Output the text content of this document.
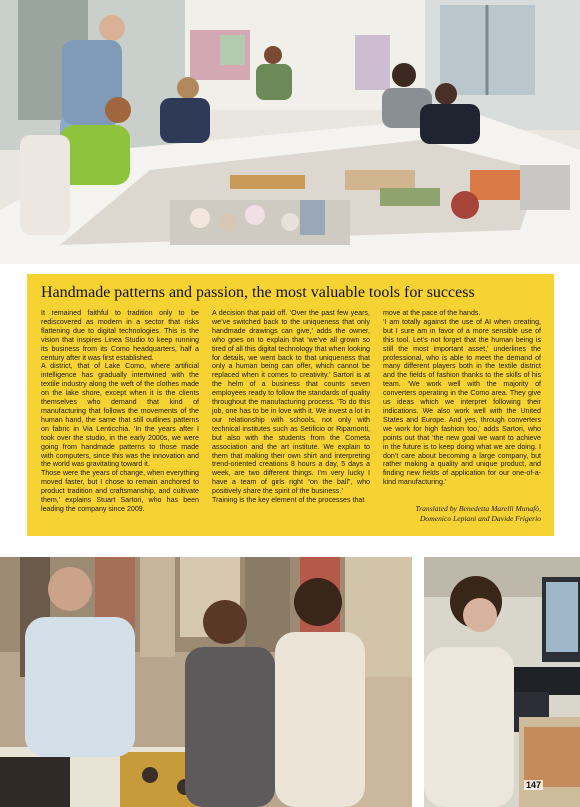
Handmade patterns and passion, the most valuable tools for success

It remained faithful to tradition only to be rediscovered as modern in a sector that risks flattening due to digital technologies. This is the vision that inspires Linea Studio to keep running its business from its Como headquarters, half a century after it was first established.

A district, that of Lake Como, where artificial intelligence has gradually intertwined with the textile industry along the weft of the clothes made on the lake shore, except when it is the clients themselves who demand that kind of manufacturing that follows the movements of the human hand, the same that still outlines patterns on fabric in Via Lenticchia. ‘In the years after I took over the studio, in the early 2000s, we were going from handmade patterns to those made with computers, since this was the innovation and the world was gravitating toward it.

Those were the years of change, when everything moved faster, but I chose to remain anchored to product tradition and craftsmanship, and cultivate them,’ explains Stuart Sartori, who has been leading the company since 2009.

A decision that paid off. ‘Over the past few years, we’ve switched back to the uniqueness that only handmade drawings can give,’ adds the owner, who goes on to explain that ‘we’ve all grown so tired of all this digital technology that when looking for details, we went back to that uniqueness that only a human being can offer, which cannot be replaced when it comes to creativity.’ Sartori is at the helm of a business that counts seven employees ready to follow the standards of quality throughout the manufacturing process. ‘To do this job, one has to be in love with it. We invest a lot in our relationship with schools, not only with technical institutes such as Setificio or Ripamonti, but also with the students from the Cometa association and the art institute. We explain to them that making their own shirt and interpreting trend-oriented creations 8 hours a day, 5 days a week, are two different things. I’m very lucky I have a team of girls right “on the ball”, who positively share the spirit of the business.’

Training is the key element of the processes that

move at the pace of the hands.

‘I am totally against the use of AI when creating, but I sure am in favor of a more sensible use of this tool. Let’s not forget that the human being is still the most important asset,’ underlines the professional, who is able to meet the demand of many different players both in the textile district and the fields of fashion thanks to the skills of his team. ‘We work well with the majority of converters operating in the Como area. They give us ideas which we interpret following their indications. We also work well with the United States and Europe. And yes, through converters we work for high fashion too,’ adds Sartori, who points out that ‘the new goal we want to achieve in the future is to keep doing what we are doing. I don’t care about becoming a large company, but rather making a quality and unique product, and finding new fields of application for our one-of-a-kind manufacturing.’

Translated by Benedetta Marelli Munafò,
Domenico Lepiani and Davide Frigerio
147
